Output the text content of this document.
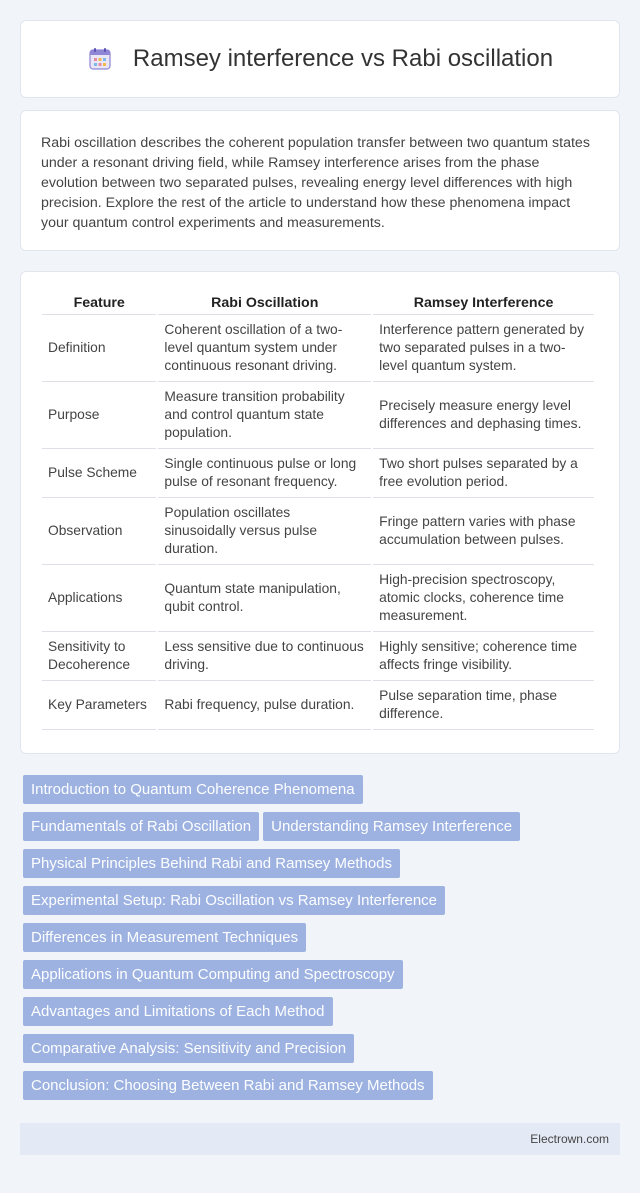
Ramsey interference vs Rabi oscillation
Rabi oscillation describes the coherent population transfer between two quantum states under a resonant driving field, while Ramsey interference arises from the phase evolution between two separated pulses, revealing energy level differences with high precision. Explore the rest of the article to understand how these phenomena impact your quantum control experiments and measurements.
Feature	Rabi Oscillation	Ramsey Interference
Definition	Coherent oscillation of a two-level quantum system under continuous resonant driving.	Interference pattern generated by two separated pulses in a two-level quantum system.
Purpose	Measure transition probability and control quantum state population.	Precisely measure energy level differences and dephasing times.
Pulse Scheme	Single continuous pulse or long pulse of resonant frequency.	Two short pulses separated by a free evolution period.
Observation	Population oscillates sinusoidally versus pulse duration.	Fringe pattern varies with phase accumulation between pulses.
Applications	Quantum state manipulation, qubit control.	High-precision spectroscopy, atomic clocks, coherence time measurement.
Sensitivity to Decoherence	Less sensitive due to continuous driving.	Highly sensitive; coherence time affects fringe visibility.
Key Parameters	Rabi frequency, pulse duration.	Pulse separation time, phase difference.
Introduction to Quantum Coherence Phenomena
Fundamentals of Rabi Oscillation Understanding Ramsey Interference
Physical Principles Behind Rabi and Ramsey Methods
Experimental Setup: Rabi Oscillation vs Ramsey Interference
Differences in Measurement Techniques
Applications in Quantum Computing and Spectroscopy
Advantages and Limitations of Each Method
Comparative Analysis: Sensitivity and Precision
Conclusion: Choosing Between Rabi and Ramsey Methods
Electrown.com
